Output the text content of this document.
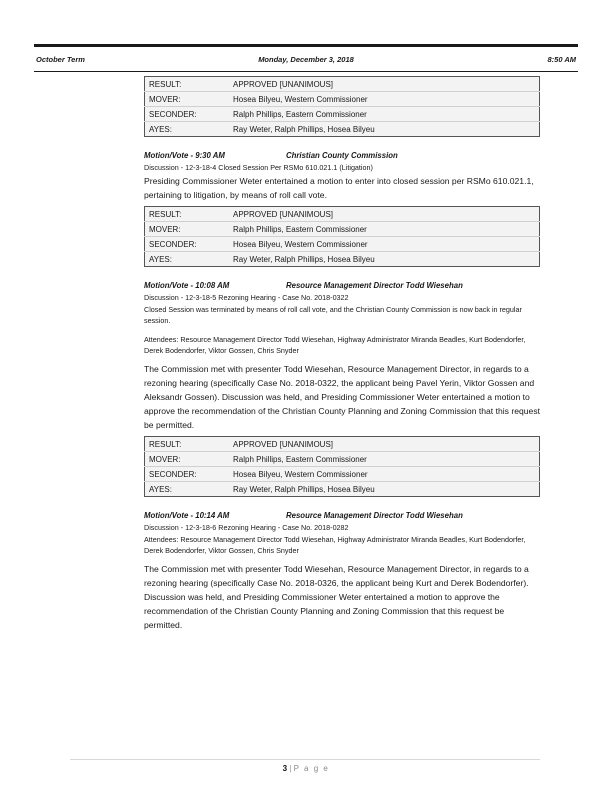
October Term	Monday, December 3, 2018	8:50 AM
RESULT:	APPROVED [UNANIMOUS]
MOVER:	Hosea Bilyeu, Western Commissioner
SECONDER:	Ralph Phillips, Eastern Commissioner
AYES:	Ray Weter, Ralph Phillips, Hosea Bilyeu
Motion/Vote - 9:30 AM	Christian County Commission
Discussion - 12-3-18-4 Closed Session Per RSMo 610.021.1 (Litigation)
Presiding Commissioner Weter entertained a motion to enter into closed session per RSMo 610.021.1, pertaining to litigation, by means of roll call vote.
RESULT:	APPROVED [UNANIMOUS]
MOVER:	Ralph Phillips, Eastern Commissioner
SECONDER:	Hosea Bilyeu, Western Commissioner
AYES:	Ray Weter, Ralph Phillips, Hosea Bilyeu
Motion/Vote - 10:08 AM	Resource Management Director Todd Wiesehan
Discussion - 12-3-18-5 Rezoning Hearing - Case No. 2018-0322
Closed Session was terminated by means of roll call vote, and the Christian County Commission is now back in regular session.
Attendees: Resource Management Director Todd Wiesehan, Highway Administrator Miranda Beadles, Kurt Bodendorfer, Derek Bodendorfer, Viktor Gossen, Chris Snyder
The Commission met with presenter Todd Wiesehan, Resource Management Director, in regards to a rezoning hearing (specifically Case No. 2018-0322, the applicant being Pavel Yerin, Viktor Gossen and Aleksandr Gossen). Discussion was held, and Presiding Commissioner Weter entertained a motion to approve the recommendation of the Christian County Planning and Zoning Commission that this request be permitted.
RESULT:	APPROVED [UNANIMOUS]
MOVER:	Ralph Phillips, Eastern Commissioner
SECONDER:	Hosea Bilyeu, Western Commissioner
AYES:	Ray Weter, Ralph Phillips, Hosea Bilyeu
Motion/Vote - 10:14 AM	Resource Management Director Todd Wiesehan
Discussion - 12-3-18-6 Rezoning Hearing - Case No. 2018-0282
Attendees: Resource Management Director Todd Wiesehan, Highway Administrator Miranda Beadles, Kurt Bodendorfer, Derek Bodendorfer, Viktor Gossen, Chris Snyder
The Commission met with presenter Todd Wiesehan, Resource Management Director, in regards to a rezoning hearing (specifically Case No. 2018-0326, the applicant being Kurt and Derek Bodendorfer). Discussion was held, and Presiding Commissioner Weter entertained a motion to approve the recommendation of the Christian County Planning and Zoning Commission that this request be permitted.
3 | P a g e
